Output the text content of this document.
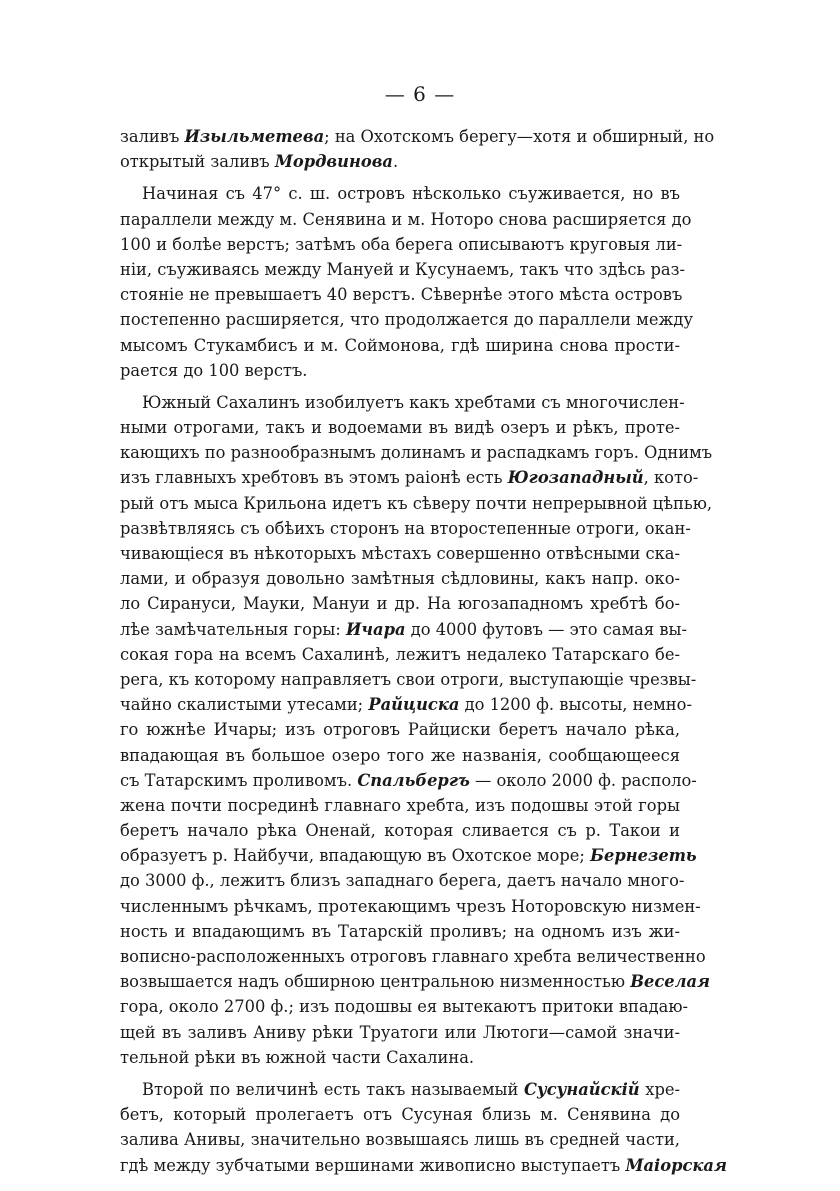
— 6 —
заливъ Изыльметева; на Охотскомъ берегу—хотя и обширный, но
открытый заливъ Мордвинова.
Начиная съ 47° с. ш. островъ нѣсколько съуживается, но въ
параллели между м. Сенявина и м. Ноторо снова расширяется до
100 и болѣе верстъ; затѣмъ оба берега описываютъ круговыя ли-
ніи, съуживаясь между Мануей и Кусунаемъ, такъ что здѣсь раз-
стояніе не превышаетъ 40 верстъ. Сѣвернѣе этого мѣста островъ
постепенно расширяется, что продолжается до параллели между
мысомъ Стукамбисъ и м. Соймонова, гдѣ ширина снова прости-
рается до 100 верстъ.
Южный Сахалинъ изобилуетъ какъ хребтами съ многочислен-
ными отрогами, такъ и водоемами въ видѣ озеръ и рѣкъ, проте-
кающихъ по разнообразнымъ долинамъ и распадкамъ горъ. Однимъ
изъ главныхъ хребтовъ въ этомъ раіонѣ есть Югозападный, кото-
рый отъ мыса Крильона идетъ къ сѣверу почти непрерывной цѣпью,
развѣтвляясь съ обѣихъ сторонъ на второстепенные отроги, окан-
чивающіеся въ нѣкоторыхъ мѣстахъ совершенно отвѣсными ска-
лами, и образуя довольно замѣтныя сѣдловины, какъ напр. око-
ло Сирануси, Мауки, Мануи и др. На югозападномъ хребтѣ бо-
лѣе замѣчательныя горы: Ичара до 4000 футовъ — это самая вы-
сокая гора на всемъ Сахалинѣ, лежитъ недалеко Татарскаго бе-
рега, къ которому направляетъ свои отроги, выступающіе чрезвы-
чайно скалистыми утесами; Райциска до 1200 ф. высоты, немно-
го южнѣе Ичары; изъ отроговъ Райциски беретъ начало рѣка,
впадающая въ большое озеро того же названія, сообщающееся
съ Татарскимъ проливомъ. Спальбергъ — около 2000 ф. располо-
жена почти посрединѣ главнаго хребта, изъ подошвы этой горы
беретъ начало рѣка Оненай, которая сливается съ р. Такои и
образуетъ р. Найбучи, впадающую въ Охотское море; Бернезеть
до 3000 ф., лежитъ близъ западнаго берега, даетъ начало много-
численнымъ рѣчкамъ, протекающимъ чрезъ Ноторовскую низмен-
ность и впадающимъ въ Татарскій проливъ; на одномъ изъ жи-
вописно-расположенныхъ отроговъ главнаго хребта величественно
возвышается надъ обширною центральною низменностью Веселая
гора, около 2700 ф.; изъ подошвы ея вытекаютъ притоки впадаю-
щей въ заливъ Аниву рѣки Труатоги или Лютоги—самой значи-
тельной рѣки въ южной части Сахалина.
Второй по величинѣ есть такъ называемый Сусунайскій хре-
бетъ, который пролегаетъ отъ Сусуная близь м. Сенявина до
залива Анивы, значительно возвышаясь лишь въ средней части,
гдѣ между зубчатыми вершинами живописно выступаетъ Маіорская
